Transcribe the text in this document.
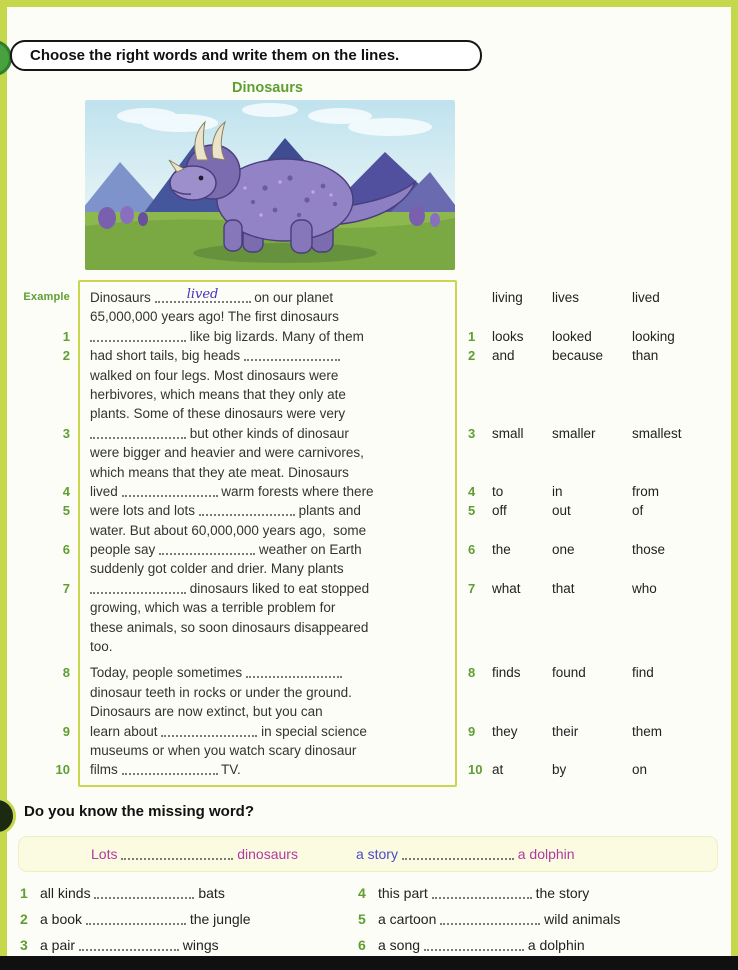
Choose the right words and write them on the lines.
Dinosaurs
Example Dinosaurs	lived	on our planet	living	lives	lived
65,000,000 years ago! The first dinosaurs
1	like big lizards. Many of them	1	looks	looked	looking
2 had short tails, big heads	2	and	because	than
walked on four legs. Most dinosaurs were
herbivores, which means that they only ate
plants. Some of these dinosaurs were very
3	but other kinds of dinosaur	3	small	smaller	smallest
were bigger and heavier and were carnivores,
which means that they ate meat. Dinosaurs
4 lived	warm forests where there	4	to	in	from
5 were lots and lots	plants and	5	off	out	of
water. But about 60,000,000 years ago,  some
6 people say	weather on Earth	6	the	one	those
suddenly got colder and drier. Many plants
7	dinosaurs liked to eat stopped	7	what	that	who
growing, which was a terrible problem for
these animals, so soon dinosaurs disappeared
too.
8 Today, people sometimes	8	finds	found	find
dinosaur teeth in rocks or under the ground.
Dinosaurs are now extinct, but you can
9 learn about	in special science	9	they	their	them
museums or when you watch scary dinosaur
10 films	TV.	10 at	by	on
Do you know the missing word?
Lots	dinosaurs	a story	a dolphin
1 all kinds	bats
2 a book	the jungle
3 a pair	wings
4 this part	the story
5 a cartoon	wild animals
6 a song	a dolphin
